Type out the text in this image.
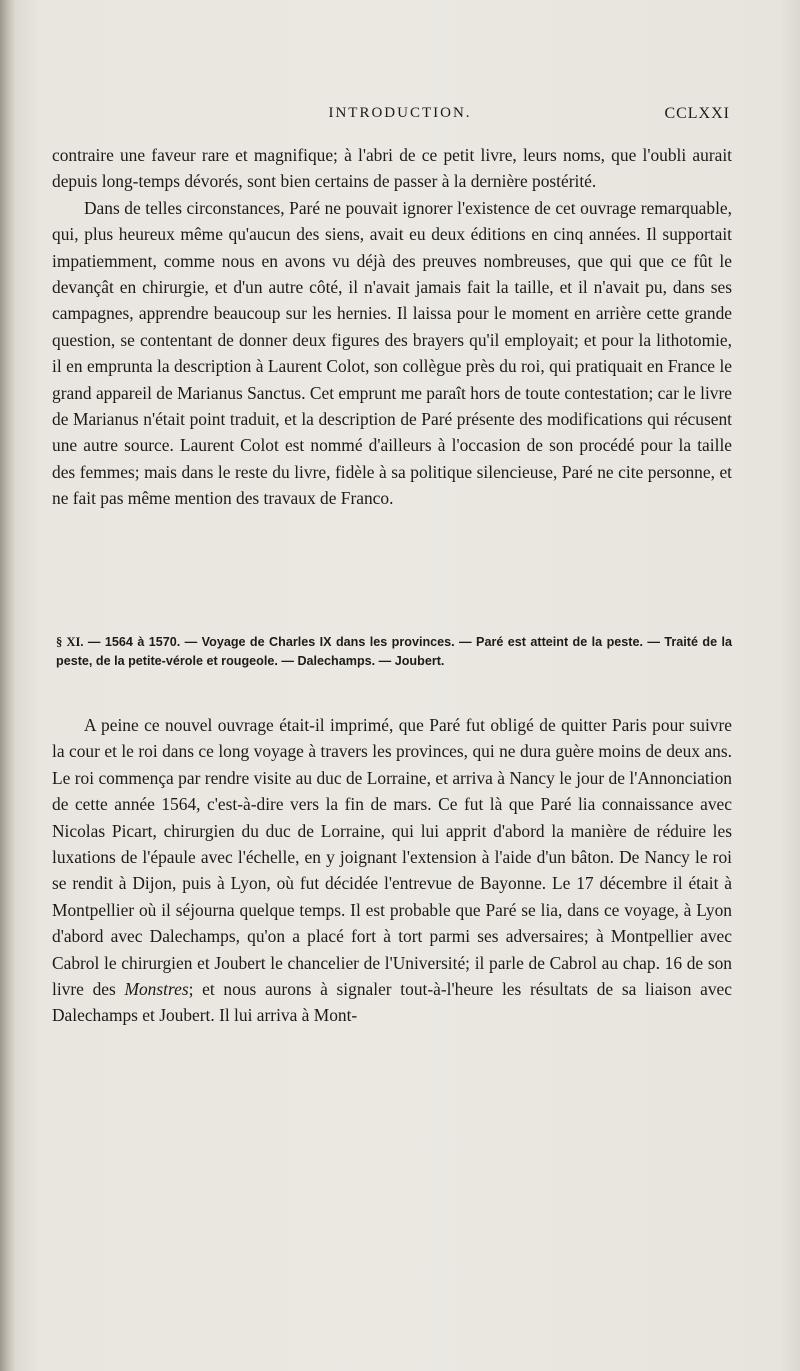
INTRODUCTION.	CCLXXI

contraire une faveur rare et magnifique; à l'abri de ce petit livre, leurs noms, que l'oubli aurait depuis long-temps dévorés, sont bien certains de passer à la dernière postérité.

Dans de telles circonstances, Paré ne pouvait ignorer l'existence de cet ouvrage remarquable, qui, plus heureux même qu'aucun des siens, avait eu deux éditions en cinq années. Il supportait impatiemment, comme nous en avons vu déjà des preuves nombreuses, que qui que ce fût le devançât en chirurgie, et d'un autre côté, il n'avait jamais fait la taille, et il n'avait pu, dans ses campagnes, apprendre beaucoup sur les hernies. Il laissa pour le moment en arrière cette grande question, se contentant de donner deux figures des brayers qu'il employait; et pour la lithotomie, il en emprunta la description à Laurent Colot, son collègue près du roi, qui pratiquait en France le grand appareil de Marianus Sanctus. Cet emprunt me paraît hors de toute contestation; car le livre de Marianus n'était point traduit, et la description de Paré présente des modifications qui récusent une autre source. Laurent Colot est nommé d'ailleurs à l'occasion de son procédé pour la taille des femmes; mais dans le reste du livre, fidèle à sa politique silencieuse, Paré ne cite personne, et ne fait pas même mention des travaux de Franco.

§ XI. — 1564 à 1570. — Voyage de Charles IX dans les provinces. — Paré est atteint de la peste. — Traité de la peste, de la petite-vérole et rougeole. — Dalechamps. — Joubert.

A peine ce nouvel ouvrage était-il imprimé, que Paré fut obligé de quitter Paris pour suivre la cour et le roi dans ce long voyage à travers les provinces, qui ne dura guère moins de deux ans. Le roi commença par rendre visite au duc de Lorraine, et arriva à Nancy le jour de l'Annonciation de cette année 1564, c'est-à-dire vers la fin de mars. Ce fut là que Paré lia connaissance avec Nicolas Picart, chirurgien du duc de Lorraine, qui lui apprit d'abord la manière de réduire les luxations de l'épaule avec l'échelle, en y joignant l'extension à l'aide d'un bâton. De Nancy le roi se rendit à Dijon, puis à Lyon, où fut décidée l'entrevue de Bayonne. Le 17 décembre il était à Montpellier où il séjourna quelque temps. Il est probable que Paré se lia, dans ce voyage, à Lyon d'abord avec Dalechamps, qu'on a placé fort à tort parmi ses adversaires; à Montpellier avec Cabrol le chirurgien et Joubert le chancelier de l'Université; il parle de Cabrol au chap. 16 de son livre des Monstres; et nous aurons à signaler tout-à-l'heure les résultats de sa liaison avec Dalechamps et Joubert. Il lui arriva à Mont-
